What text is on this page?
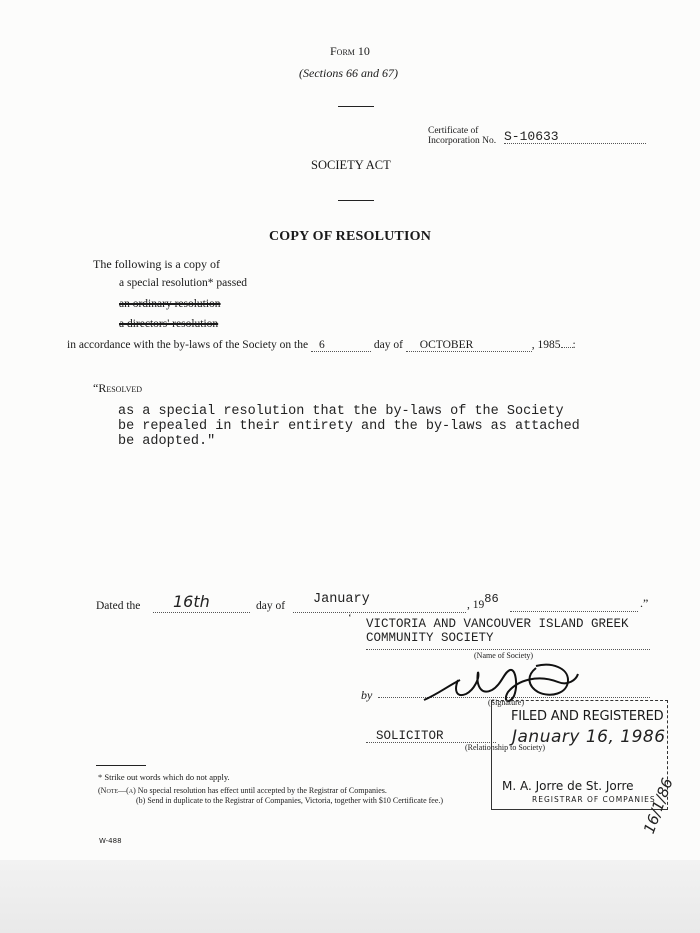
Form 10
(Sections 66 and 67)
Certificate of
Incorporation No. S-10633
SOCIETY ACT
COPY OF RESOLUTION
The following is a copy of
a special resolution* passed
an ordinary resolution
a directors' resolution
in accordance with the by-laws of the Society on the 6	day of OCTOBER	, 1985 :
“Resolved
as a special resolution that the by-laws of the Society
be repealed in their entirety and the by-laws as attached
be adopted."
Dated the 16th	day of January	, 1986	.”
‘ VICTORIA AND VANCOUVER ISLAND GREEK
COMMUNITY SOCIETY
(Name of Society)
by
(Signature)
SOLICITOR
(Relationship to Society)
FILED AND REGISTERED
January 16, 1986
M. A. Jorre de St. Jorre
REGISTRAR OF COMPANIES
* Strike out words which do not apply.
(Note—(a) No special resolution has effect until accepted by the Registrar of Companies.
(b) Send in duplicate to the Registrar of Companies, Victoria, together with $10 Certificate fee.)
W-488
16/1/86
